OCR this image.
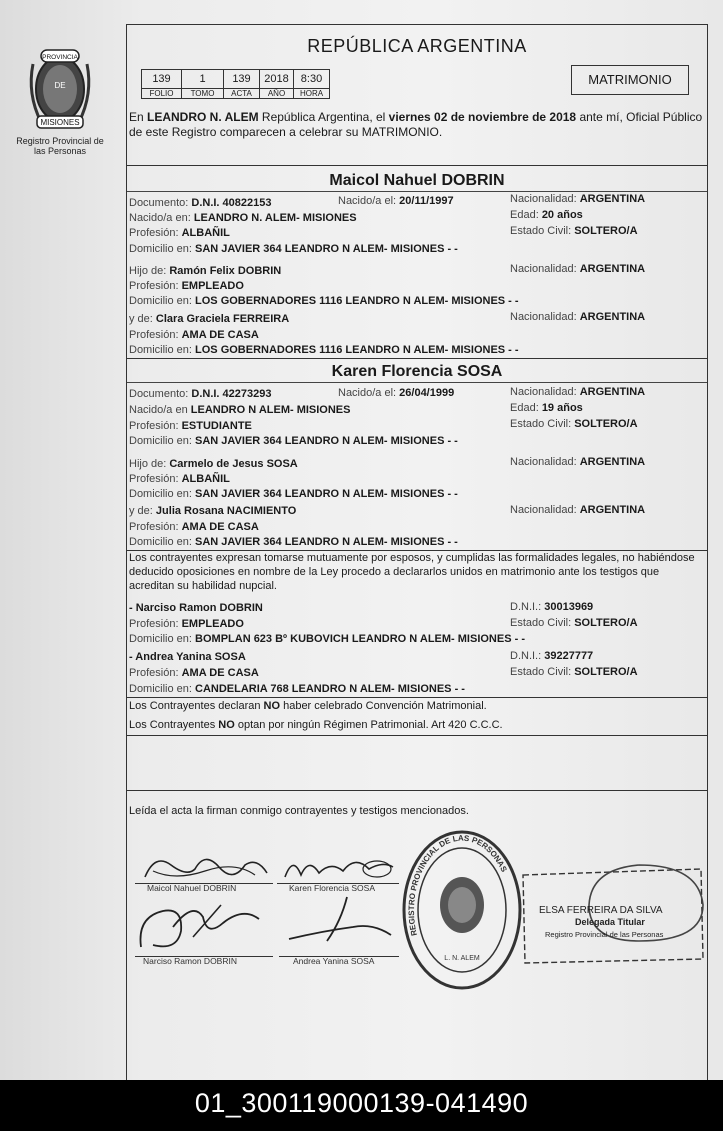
PROVINCIA
DE
MISIONES
Registro Provincial de las Personas
REPÚBLICA ARGENTINA
139	1	139	2018	8:30
FOLIO	TOMO	ACTA	AÑO	HORA
MATRIMONIO
En LEANDRO N. ALEM República Argentina, el viernes 02 de noviembre de 2018 ante mí, Oficial Público de este Registro comparecen a celebrar su MATRIMONIO.
Maicol Nahuel DOBRIN
Documento: D.N.I. 40822153	Nacido/a el: 20/11/1997	Nacionalidad: ARGENTINA
Nacido/a en: LEANDRO N. ALEM- MISIONES	Edad: 20 años
Profesión: ALBAÑIL	Estado Civil: SOLTERO/A
Domicilio en: SAN JAVIER 364 LEANDRO N ALEM- MISIONES - -
Hijo de: Ramón Felix DOBRIN	Nacionalidad: ARGENTINA
Profesión: EMPLEADO
Domicilio en: LOS GOBERNADORES 1116 LEANDRO N ALEM- MISIONES - -
y de: Clara Graciela FERREIRA	Nacionalidad: ARGENTINA
Profesión: AMA DE CASA
Domicilio en: LOS GOBERNADORES 1116 LEANDRO N ALEM- MISIONES - -
Karen Florencia SOSA
Documento: D.N.I. 42273293	Nacido/a el: 26/04/1999	Nacionalidad: ARGENTINA
Nacido/a en LEANDRO N ALEM- MISIONES	Edad: 19 años
Profesión: ESTUDIANTE	Estado Civil: SOLTERO/A
Domicilio en: SAN JAVIER 364 LEANDRO N ALEM- MISIONES - -
Hijo de: Carmelo de Jesus SOSA	Nacionalidad: ARGENTINA
Profesión: ALBAÑIL
Domicilio en: SAN JAVIER 364 LEANDRO N ALEM- MISIONES - -
y de: Julia Rosana NACIMIENTO	Nacionalidad: ARGENTINA
Profesión: AMA DE CASA
Domicilio en: SAN JAVIER 364 LEANDRO N ALEM- MISIONES - -
Los contrayentes expresan tomarse mutuamente por esposos, y cumplidas las formalidades legales, no habiéndose deducido oposiciones en nombre de la Ley procedo a declararlos unidos en matrimonio ante los testigos que acreditan su habilidad nupcial.
- Narciso Ramon DOBRIN	D.N.I.: 30013969
Profesión: EMPLEADO	Estado Civil: SOLTERO/A
Domicilio en: BOMPLAN 623 Bº KUBOVICH LEANDRO N ALEM- MISIONES - -
- Andrea Yanina SOSA	D.N.I.: 39227777
Profesión: AMA DE CASA	Estado Civil: SOLTERO/A
Domicilio en: CANDELARIA 768 LEANDRO N ALEM- MISIONES - -
Los Contrayentes declaran NO haber celebrado Convención Matrimonial.
Los Contrayentes NO optan por ningún Régimen Patrimonial. Art 420 C.C.C.
Leída el acta la firman conmigo contrayentes y testigos mencionados.
Maicol Nahuel DOBRIN	Karen Florencia SOSA
Narciso Ramon DOBRIN	Andrea Yanina SOSA
REGISTRO PROVINCIAL DE LAS PERSONAS
L. N. ALEM
ELSA FERREIRA DA SILVA
Delegada Titular
Registro Provincial de las Personas
01_300119000139-041490
